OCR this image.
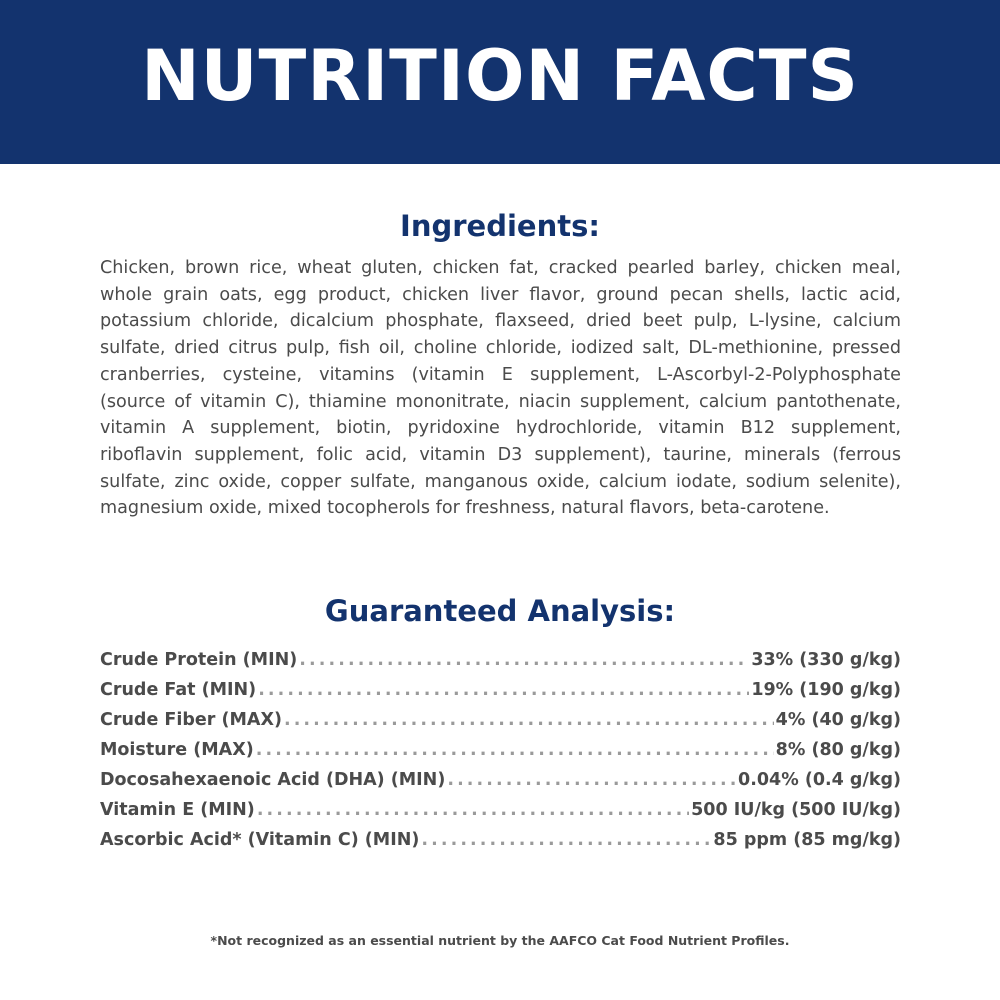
NUTRITION FACTS
Ingredients:
Chicken, brown rice, wheat gluten, chicken fat, cracked pearled barley, chicken meal, whole grain oats, egg product, chicken liver flavor, ground pecan shells, lactic acid, potassium chloride, dicalcium phosphate, flaxseed, dried beet pulp, L-lysine, calcium sulfate, dried citrus pulp, fish oil, choline chloride, iodized salt, DL-methionine, pressed cranberries, cysteine, vitamins (vitamin E supplement, L-Ascorbyl-2-Polyphosphate (source of vitamin C), thiamine mononitrate, niacin supplement, calcium pantothenate, vitamin A supplement, biotin, pyridoxine hydrochloride, vitamin B12 supplement, riboflavin supplement, folic acid, vitamin D3 supplement), taurine, minerals (ferrous sulfate, zinc oxide, copper sulfate, manganous oxide, calcium iodate, sodium selenite), magnesium oxide, mixed tocopherols for freshness, natural flavors, beta-carotene.
Guaranteed Analysis:
Crude Protein (MIN) . . .	33% (330 g/kg)
Crude Fat (MIN) . . .	19% (190 g/kg)
Crude Fiber (MAX) . . .	4% (40 g/kg)
Moisture (MAX) . . .	8% (80 g/kg)
Docosahexaenoic Acid (DHA) (MIN) . . .	0.04% (0.4 g/kg)
Vitamin E (MIN) . . .	500 IU/kg (500 IU/kg)
Ascorbic Acid* (Vitamin C) (MIN) . . .	85 ppm (85 mg/kg)
*Not recognized as an essential nutrient by the AAFCO Cat Food Nutrient Profiles.
